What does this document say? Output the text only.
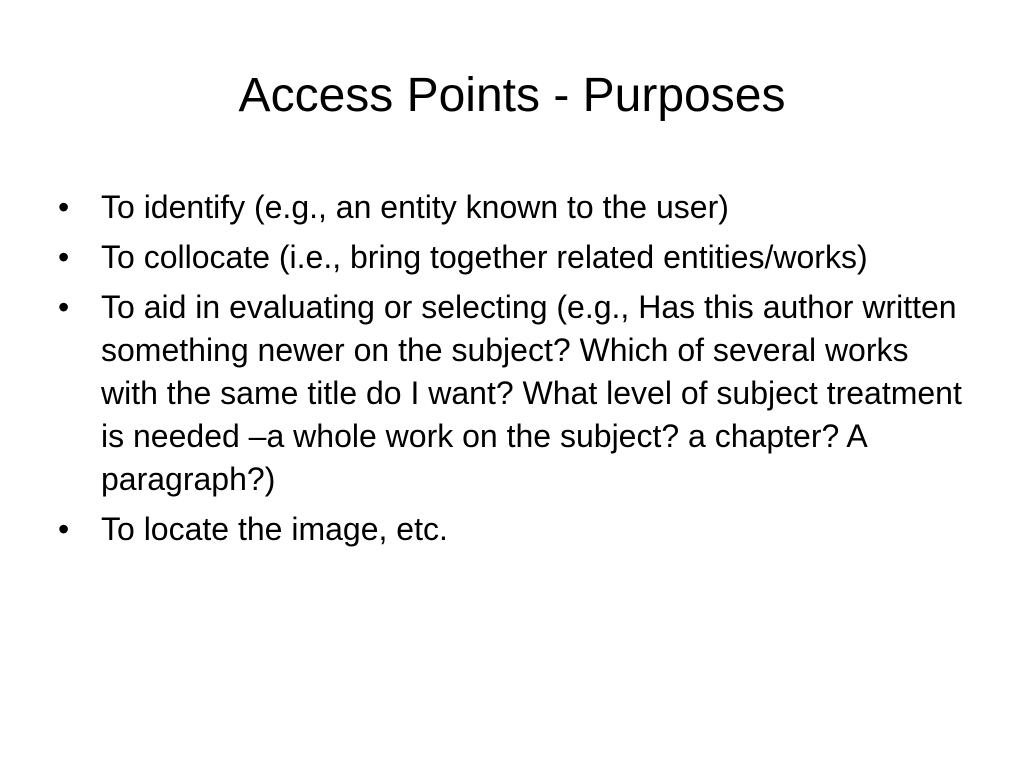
Access Points - Purposes
• To identify (e.g., an entity known to the user)
• To collocate (i.e., bring together related entities/works)
• To aid in evaluating or selecting (e.g., Has this author written something newer on the subject? Which of several works with the same title do I want? What level of subject treatment is needed –a whole work on the subject? a chapter? A paragraph?)
• To locate the image, etc.
